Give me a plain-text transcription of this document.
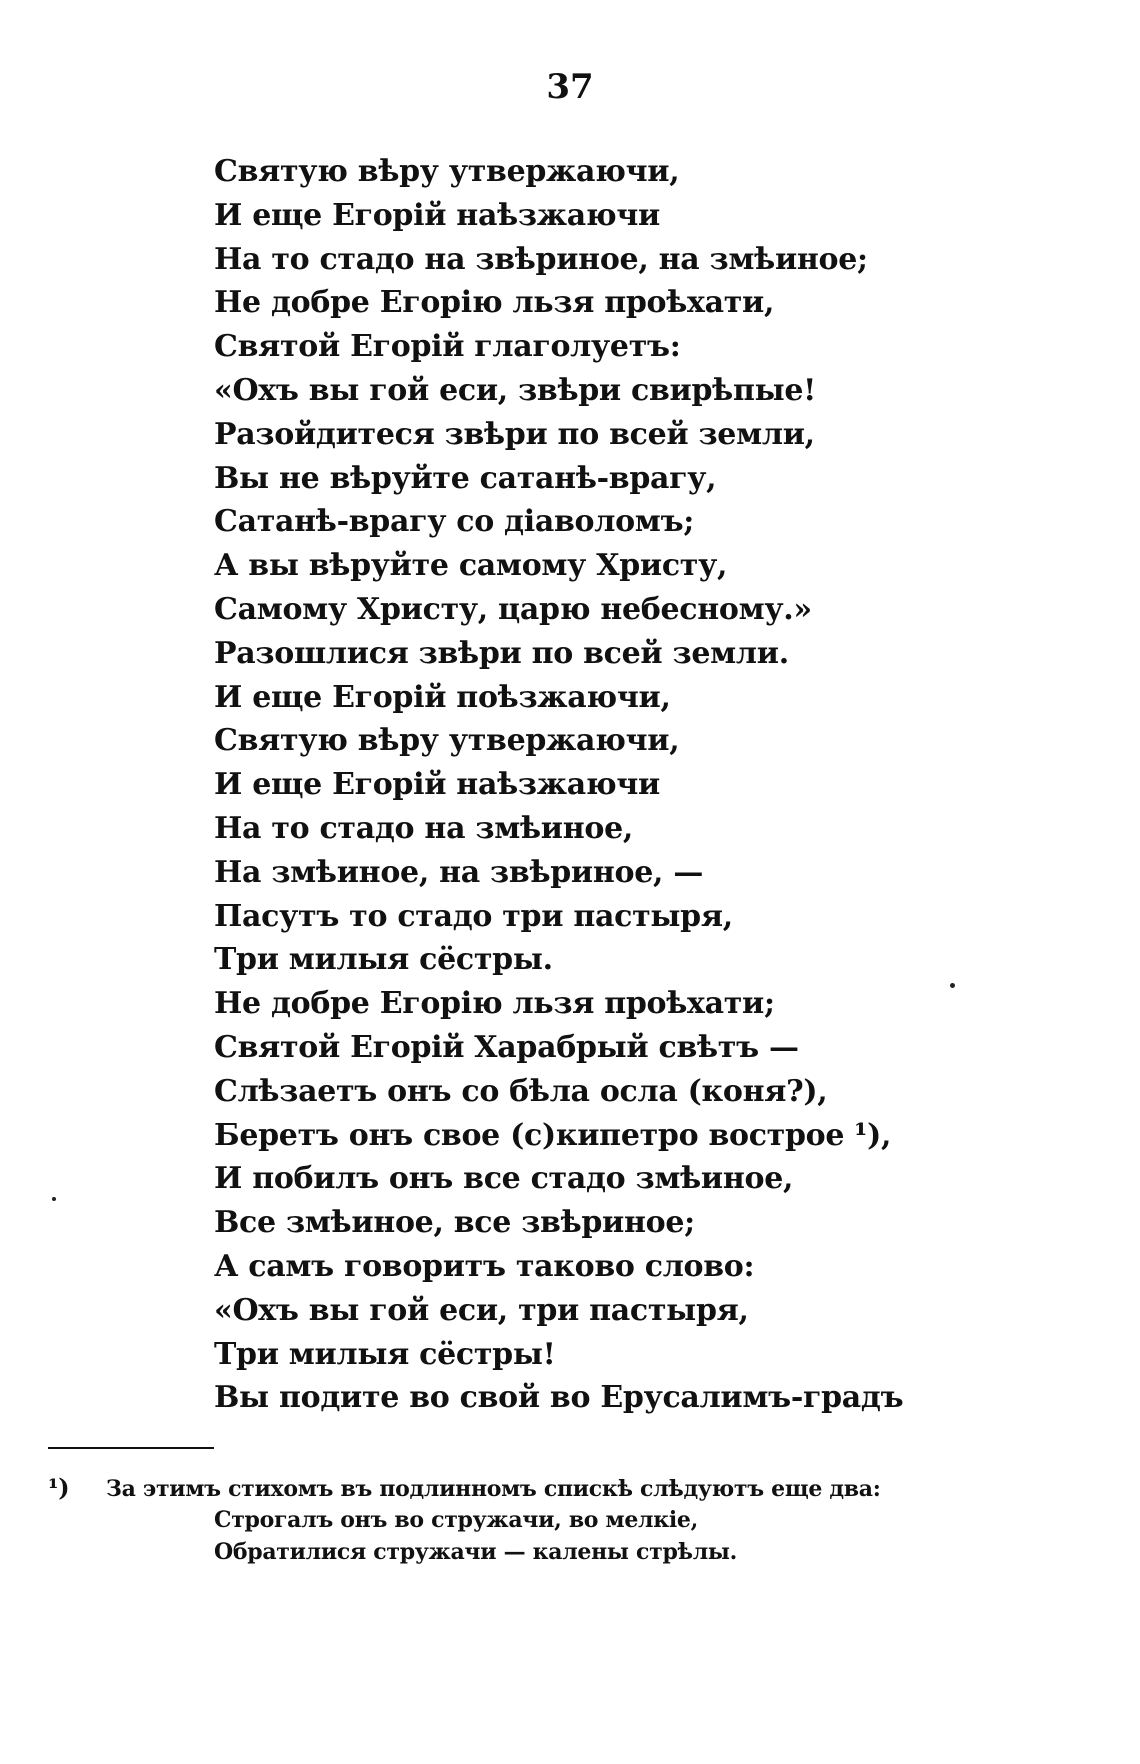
37
Святую вѣру утвержаючи,
И еще Егорій наѣзжаючи
На то стадо на звѣриное, на змѣиное;
Не добре Егорію льзя проѣхати,
Святой Егорій глаголуетъ:
«Охъ вы гой еси, звѣри свирѣпые!
Разойдитеся звѣри по всей земли,
Вы не вѣруйте сатанѣ-врагу,
Сатанѣ-врагу со діаволомъ;
А вы вѣруйте самому Христу,
Самому Христу, царю небесному.»
Разошлися звѣри по всей земли.
И еще Егорій поѣзжаючи,
Святую вѣру утвержаючи,
И еще Егорій наѣзжаючи
На то стадо на змѣиное,
На змѣиное, на звѣриное, —
Пасутъ то стадо три пастыря,
Три милыя сёстры.
Не добре Егорію льзя проѣхати;
Святой Егорій Харабрый свѣтъ —
Слѣзаетъ онъ со бѣла осла (коня?),
Беретъ онъ свое (с)кипетро вострое ¹),
И побилъ онъ все стадо змѣиное,
Все змѣиное, все звѣриное;
А самъ говоритъ таково слово:
«Охъ вы гой еси, три пастыря,
Три милыя сёстры!
Вы подите во свой во Ерусалимъ-градъ
¹) За этимъ стихомъ въ подлинномъ спискѣ слѣдуютъ еще два:
Строгалъ онъ во стружачи, во мелкіе,
Обратилися стружачи — калены стрѣлы.
